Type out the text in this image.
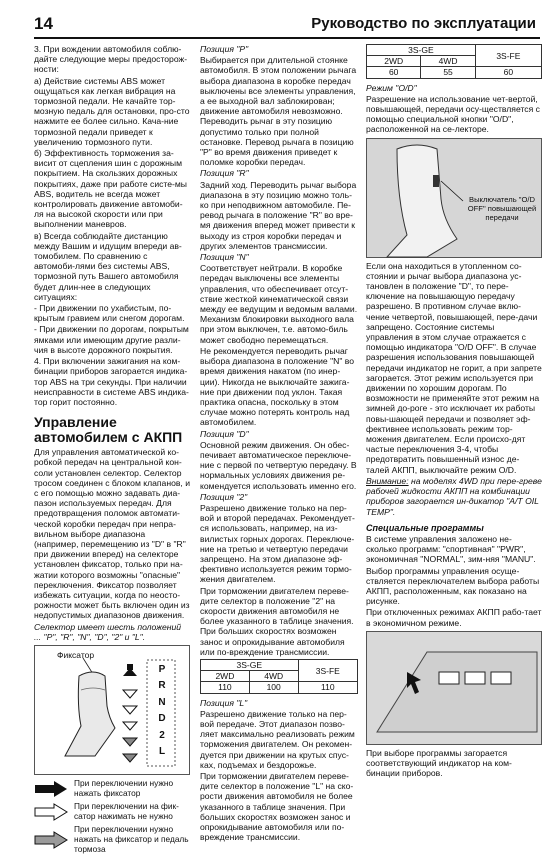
14	Руководство по эксплуатации

3. При вождении автомобиля соблю-дайте следующие меры предосторож-ности:

а) Действие системы ABS может ощущаться как легкая вибрация на тормозной педали. Не качайте тор-мозную педаль для остановки, про-сто нажмите ее более сильно. Кача-ние тормозной педали приведет к увеличению тормозного пути.

б) Эффективность торможения за-висит от сцепления шин с дорожным покрытием. На скользких дорожных покрытиях, даже при работе систе-мы ABS, водитель не всегда может контролировать движение автомоби-ля на высокой скорости или при выполнении маневров.

в) Всегда соблюдайте дистанцию между Вашим и идущим впереди ав-томобилем. По сравнению с автомоби-лями без системы ABS, тормозной путь Вашего автомобиля будет длин-нее в следующих ситуациях:

- При движении по ухабистым, по-крытым гравием или снегом дорогам.

- При движении по дорогам, покрытым ямками или имеющим другие разли-чия в высоте дорожного покрытия.

4. При включении зажигания на ком-бинации приборов загорается индика-тор ABS на три секунды. При наличии неисправности в системе ABS индика-тор горит постоянно.

Управление автомобилем с АКПП

Для управления автоматической ко-робкой передач на центральной кон-соли установлен селектор. Селектор тросом соединен с блоком клапанов, и с его помощью можно задавать диа-пазон используемых передач. Для предотвращения поломок автомати-ческой коробки передач при непра-вильном выборе диапазона (например, перемещению из "D" в "R" при движении вперед) на селекторе установлен фиксатор, только при на-жатии которого возможны "опасные" переключения. Фиксатор позволяет избежать ситуации, когда по неосто-рожности может быть включен один из недопустимых диапазонов движения.

Селектор имеет шесть положений ... "P", "R", "N", "D", "2" и "L".

Фиксатор
P
R
N
D
2
L
При переключении нужно нажать фиксатор
При переключении на фик-сатор нажимать не нужно
При переключении нужно нажать на фиксатор и педаль тормоза

Позиция "P"

Выбирается при длительной стоянке автомобиля. В этом положении рычага выбора диапазона в коробке передач выключены все элементы управления, а ее выходной вал заблокирован; движение автомобиля невозможно. Переводить рычаг в эту позицию допустимо только при полной остановке. Перевод рычага в позицию "P" во время движения приведет к поломке коробки передач.

Позиция "R"

Задний ход. Переводить рычаг выбора диапазона в эту позицию можно толь-ко при неподвижном автомобиле. Пе-ревод рычага в положение "R" во вре-мя движения вперед может привести к выходу из строя коробки передач и других элементов трансмиссии.

Позиция "N"

Соответствует нейтрали. В коробке передач выключены все элементы управления, что обеспечивает отсут-ствие жесткой кинематической связи между ее ведущим и ведомым валами. Механизм блокировки выходного вала при этом выключен, т.е. автомо-биль может свободно перемещаться.

Не рекомендуется переводить рычаг выбора диапазона в положение "N" во время движения накатом (по инер-ции). Никогда не выключайте зажига-ние при движении под уклон. Такая практика опасна, поскольку в этом случае можно потерять контроль над автомобилем.

Позиция "D"

Основной режим движения. Он обес-печивает автоматическое переключе-ние с первой по четвертую передачу. В нормальных условиях движения ре-комендуется использовать именно его.

Позиция "2"

Разрешено движение только на пер-вой и второй передачах. Рекомендует-ся использовать, например, на из-вилистых горных дорогах. Переключе-ние на третью и четвертую передачи запрещено. На этом диапазоне эф-фективно используется режим тормо-жения двигателем.

При торможении двигателем переве-дите селектор в положение "2" на скорости движения автомобиля не более указанного в таблице значения. При больших скоростях возможен занос и опрокидывание автомобиля или по-вреждение трансмиссии.

3S-GE		3S-FE
2WD	4WD	
110	100	110

Позиция "L"

Разрешено движение только на пер-вой передаче. Этот диапазон позво-ляет максимально реализовать режим торможения двигателем. Он рекомен-дуется при движении на крутых спус-ках, подъемах и бездорожье.

При торможении двигателем переве-дите селектор в положение "L" на ско-рости движения автомобиля не более указанного в таблице значения. При больших скоростях возможен занос и опрокидывание автомобиля или по-вреждение трансмиссии.

3S-GE		3S-FE
2WD	4WD	
60	55	60

Режим "O/D"

Разрешение на использование чет-вертой, повышающей, передачи осу-ществляется с помощью специальной кнопки "O/D", расположенной на се-лекторе.

Выключатель "O/D OFF" повышающей передачи

Если она находиться в утопленном со-стоянии и рычаг выбора диапазона ус-тановлен в положение "D", то пере-ключение на повышающую передачу разрешено. В противном случае вклю-чение четвертой, повышающей, пере-дачи запрещено. Состояние системы управления в этом случае отражается с помощью индикатора "O/D OFF". В случае разрешения использования повышающей передачи индикатор не горит, а при запрете загорается. Этот режим используется при движении по хорошим дорогам. По возможности не применяйте этот режим на зимней до-роге - это исключает их работы повы-шающей передачи и позволяет эф-фективнее использовать режим тор-можения двигателем. Если происхо-дят частые переключения 3-4, чтобы предотвратить повышенный износ де-талей АКПП, выключайте режим O/D.

Внимание: на моделях 4WD при пере-греве рабочей жидкости АКПП на комбинации приборов загорается ин-дикатор "A/T OIL TEMP".

Специальные программы

В системе управления заложено не-сколько программ: "спортивная" "PWR", экономичная "NORMAL", зим-няя "MANU".

Выбор программы управления осуще-ствляется переключателем выбора работы АКПП, расположенным, как показано на рисунке.

При отключенных режимах АКПП рабо-тает в экономичном режиме.

При выборе программы загорается соответствующий индикатор на ком-бинации приборов.
